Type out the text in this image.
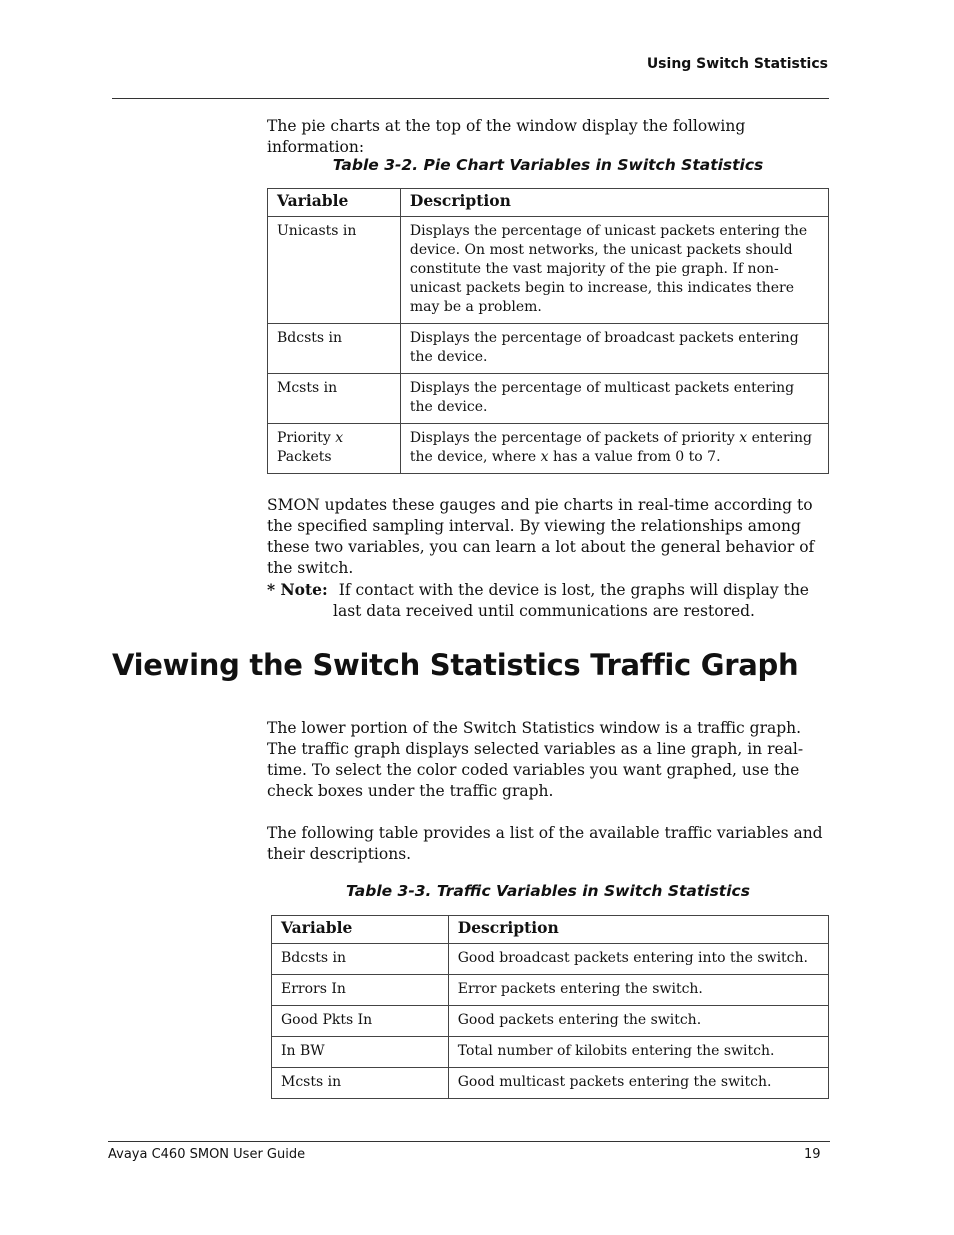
Using Switch Statistics
The pie charts at the top of the window display the following information:
Table 3-2. Pie Chart Variables in Switch Statistics
Variable	Description
Unicasts in	Displays the percentage of unicast packets entering the device. On most networks, the unicast packets should constitute the vast majority of the pie graph. If non-unicast packets begin to increase, this indicates there may be a problem.
Bdcsts in	Displays the percentage of broadcast packets entering the device.
Mcsts in	Displays the percentage of multicast packets entering the device.
Priority x
Packets	Displays the percentage of packets of priority x entering the device, where x has a value from 0 to 7.
SMON updates these gauges and pie charts in real-time according to the specified sampling interval. By viewing the relationships among these two variables, you can learn a lot about the general behavior of the switch.
* Note: If contact with the device is lost, the graphs will display the
last data received until communications are restored.
Viewing the Switch Statistics Traffic Graph
The lower portion of the Switch Statistics window is a traffic graph. The traffic graph displays selected variables as a line graph, in real-time. To select the color coded variables you want graphed, use the check boxes under the traffic graph.
The following table provides a list of the available traffic variables and their descriptions.
Table 3-3. Traffic Variables in Switch Statistics
Variable	Description
Bdcsts in	Good broadcast packets entering into the switch.
Errors In	Error packets entering the switch.
Good Pkts In	Good packets entering the switch.
In BW	Total number of kilobits entering the switch.
Mcsts in	Good multicast packets entering the switch.
Avaya C460 SMON User Guide	19
